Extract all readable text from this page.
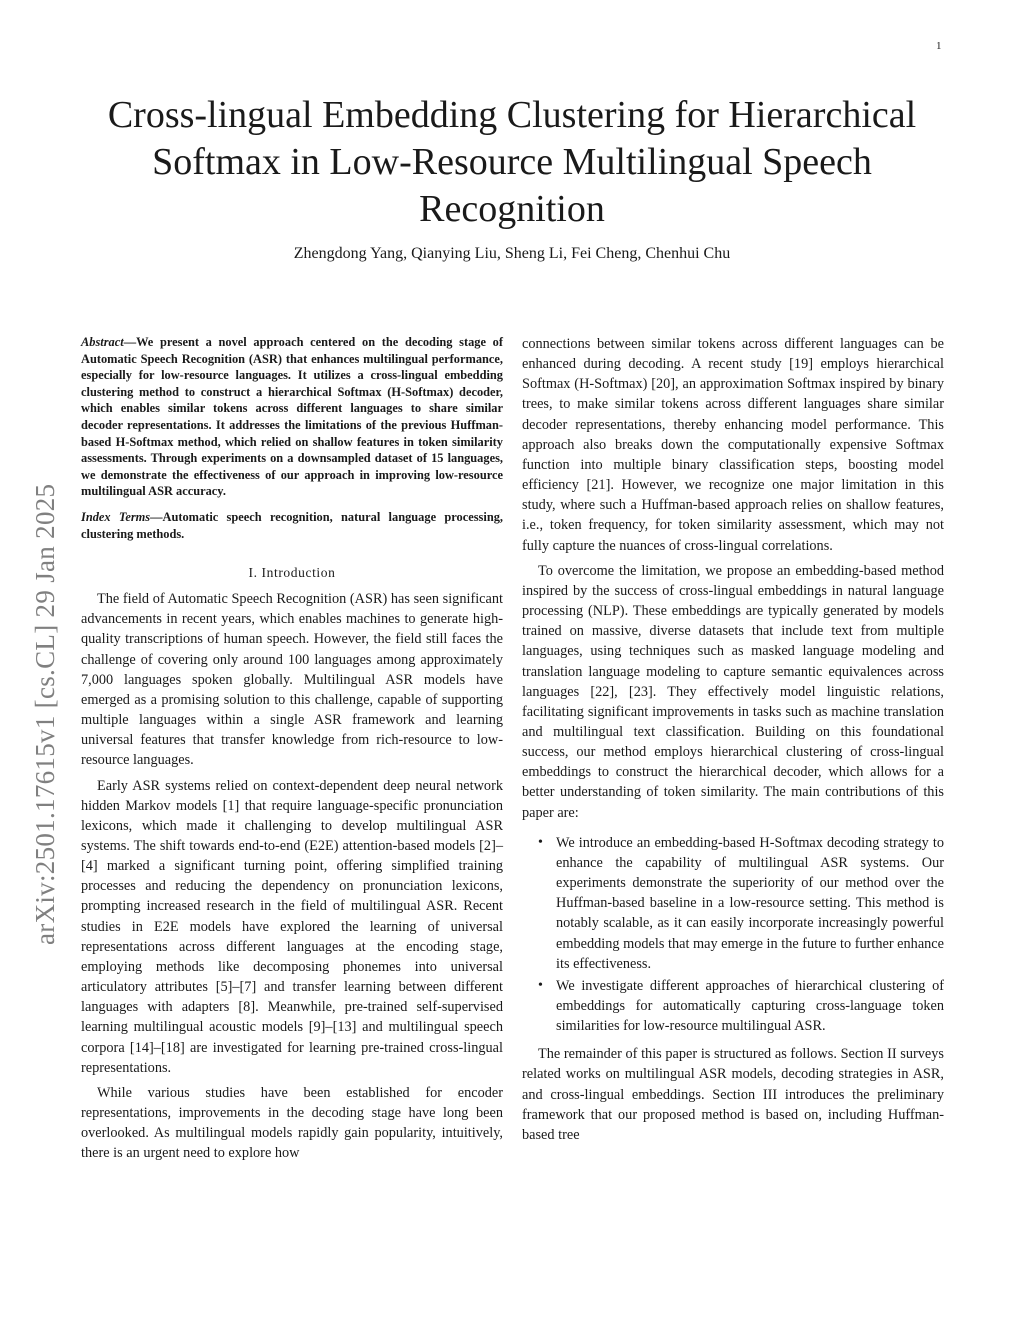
1
arXiv:2501.17615v1 [cs.CL] 29 Jan 2025
Cross-lingual Embedding Clustering for Hierarchical Softmax in Low-Resource Multilingual Speech Recognition
Zhengdong Yang, Qianying Liu, Sheng Li, Fei Cheng, Chenhui Chu

Abstract—We present a novel approach centered on the decoding stage of Automatic Speech Recognition (ASR) that enhances multilingual performance, especially for low-resource languages. It utilizes a cross-lingual embedding clustering method to construct a hierarchical Softmax (H-Softmax) decoder, which enables similar tokens across different languages to share similar decoder representations. It addresses the limitations of the previous Huffman-based H-Softmax method, which relied on shallow features in token similarity assessments. Through experiments on a downsampled dataset of 15 languages, we demonstrate the effectiveness of our approach in improving low-resource multilingual ASR accuracy.

Index Terms—Automatic speech recognition, natural language processing, clustering methods.

I. Introduction

The field of Automatic Speech Recognition (ASR) has seen significant advancements in recent years, which enables machines to generate high-quality transcriptions of human speech. However, the field still faces the challenge of covering only around 100 languages among approximately 7,000 languages spoken globally. Multilingual ASR models have emerged as a promising solution to this challenge, capable of supporting multiple languages within a single ASR framework and learning universal features that transfer knowledge from rich-resource to low-resource languages.

Early ASR systems relied on context-dependent deep neural network hidden Markov models [1] that require language-specific pronunciation lexicons, which made it challenging to develop multilingual ASR systems. The shift towards end-to-end (E2E) attention-based models [2]–[4] marked a significant turning point, offering simplified training processes and reducing the dependency on pronunciation lexicons, prompting increased research in the field of multilingual ASR. Recent studies in E2E models have explored the learning of universal representations across different languages at the encoding stage, employing methods like decomposing phonemes into universal articulatory attributes [5]–[7] and transfer learning between different languages with adapters [8]. Meanwhile, pre-trained self-supervised learning multilingual acoustic models [9]–[13] and multilingual speech corpora [14]–[18] are investigated for learning pre-trained cross-lingual representations.

While various studies have been established for encoder representations, improvements in the decoding stage have long been overlooked. As multilingual models rapidly gain popularity, intuitively, there is an urgent need to explore how

connections between similar tokens across different languages can be enhanced during decoding. A recent study [19] employs hierarchical Softmax (H-Softmax) [20], an approximation Softmax inspired by binary trees, to make similar tokens across different languages share similar decoder representations, thereby enhancing model performance. This approach also breaks down the computationally expensive Softmax function into multiple binary classification steps, boosting model efficiency [21]. However, we recognize one major limitation in this study, where such a Huffman-based approach relies on shallow features, i.e., token frequency, for token similarity assessment, which may not fully capture the nuances of cross-lingual correlations.

To overcome the limitation, we propose an embedding-based method inspired by the success of cross-lingual embeddings in natural language processing (NLP). These embeddings are typically generated by models trained on massive, diverse datasets that include text from multiple languages, using techniques such as masked language modeling and translation language modeling to capture semantic equivalences across languages [22], [23]. They effectively model linguistic relations, facilitating significant improvements in tasks such as machine translation and multilingual text classification. Building on this foundational success, our method employs hierarchical clustering of cross-lingual embeddings to construct the hierarchical decoder, which allows for a better understanding of token similarity. The main contributions of this paper are:

• We introduce an embedding-based H-Softmax decoding strategy to enhance the capability of multilingual ASR systems. Our experiments demonstrate the superiority of our method over the Huffman-based baseline in a low-resource setting. This method is notably scalable, as it can easily incorporate increasingly powerful embedding models that may emerge in the future to further enhance its effectiveness.
• We investigate different approaches of hierarchical clustering of embeddings for automatically capturing cross-language token similarities for low-resource multilingual ASR.

The remainder of this paper is structured as follows. Section II surveys related works on multilingual ASR models, decoding strategies in ASR, and cross-lingual embeddings. Section III introduces the preliminary framework that our proposed method is based on, including Huffman-based tree
